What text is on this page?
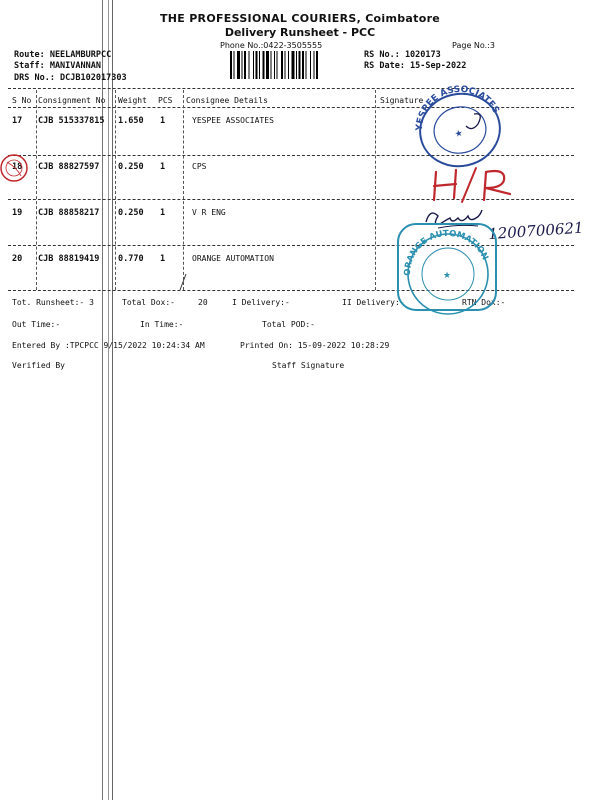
THE PROFESSIONAL COURIERS, Coimbatore
Delivery Runsheet - PCC
Phone No.:0422-3505555	Page No.:3
Route: NEELAMBURPCC
Staff: MANIVANNAN
DRS No.: DCJB102017303
RS No.: 1020173
RS Date: 15-Sep-2022
S No Consignment No Weight PCS Consignee Details	Signature
17 CJB 515337815 1.650 1	YESPEE ASSOCIATES
18 CJB 88827597 0.250 1	CPS
19 CJB 88858217 0.250 1	V R ENG
20 CJB 88819419 0.770 1	ORANGE AUTOMATION
Tot. Runsheet:- 3	Total Dox:-	20	I Delivery:-	II Delivery:-	RTN Dox:-
Out Time:-	In Time:-	Total POD:-
Entered By :TPCPCC 9/15/2022 10:24:34 AM	Printed On: 15-09-2022 10:28:29
Verified By	Staff Signature
YESPEE ASSOCIATES
★
1200700621
ORANGE AUTOMATION
★
